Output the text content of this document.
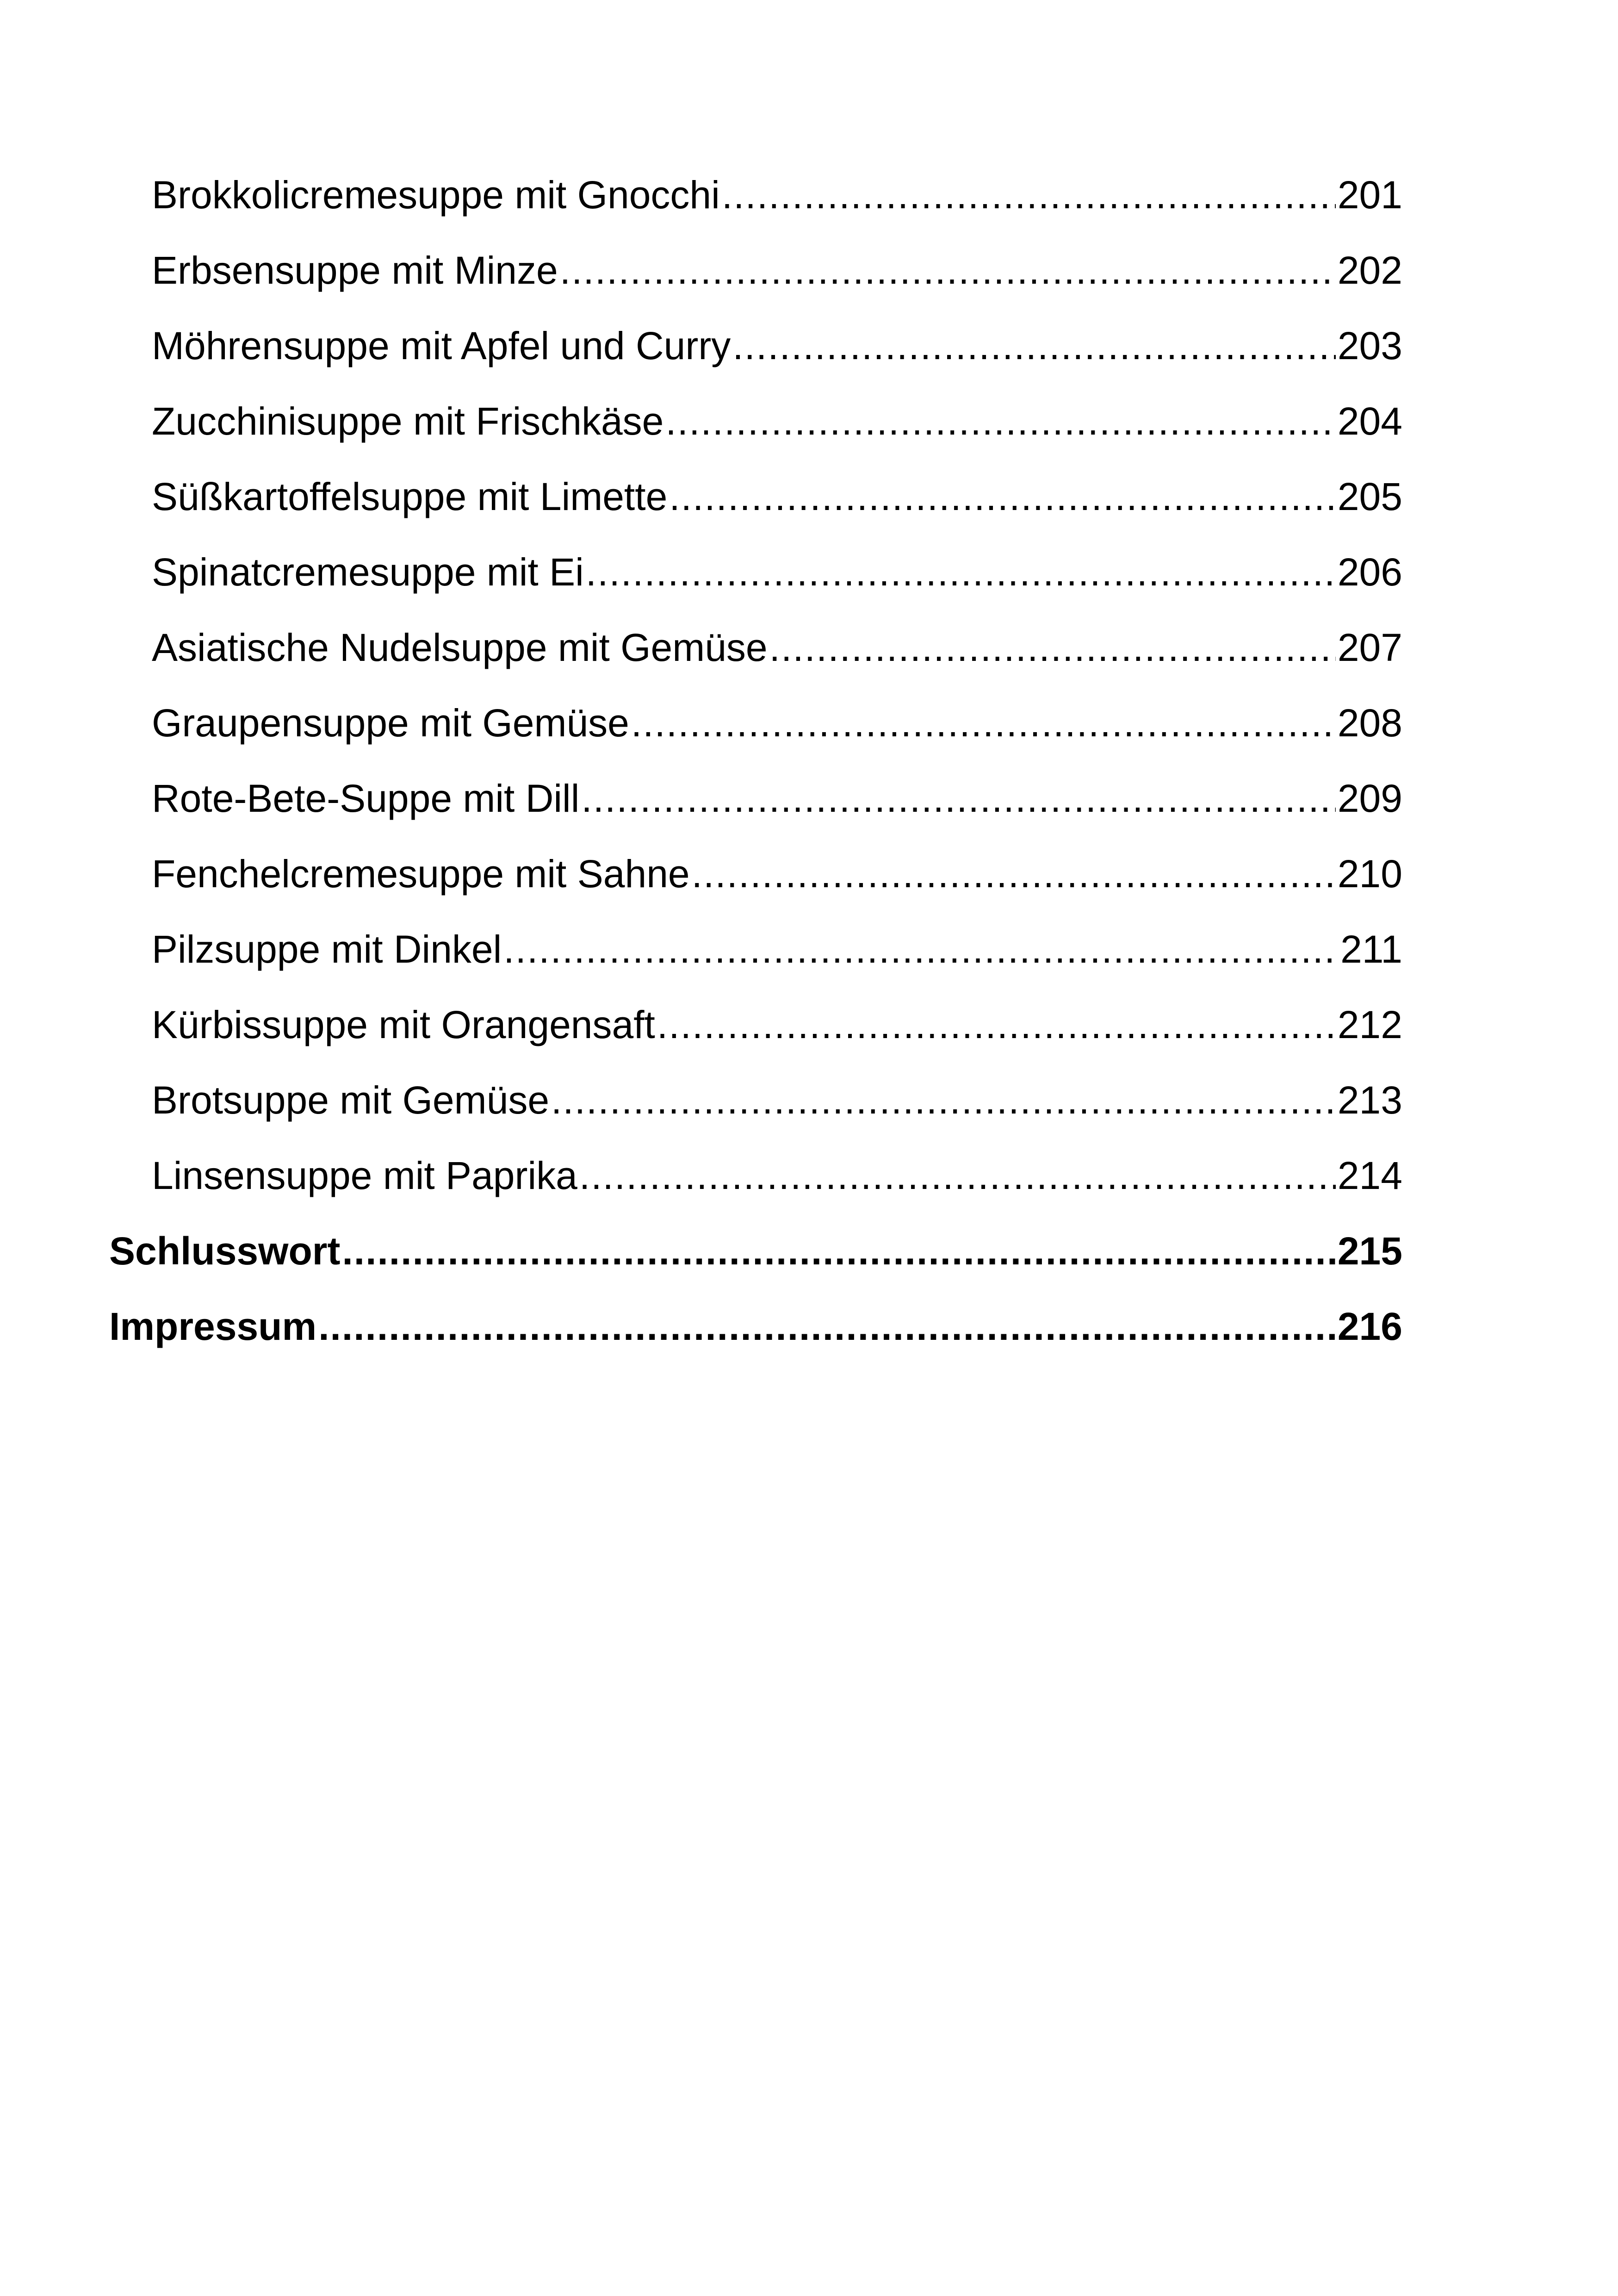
Brokkolicremesuppe mit Gnocchi .....	201
Erbsensuppe mit Minze .....	202
Möhrensuppe mit Apfel und Curry .....	203
Zucchinisuppe mit Frischkäse .....	204
Süßkartoffelsuppe mit Limette .....	205
Spinatcremesuppe mit Ei .....	206
Asiatische Nudelsuppe mit Gemüse .....	207
Graupensuppe mit Gemüse .....	208
Rote-Bete-Suppe mit Dill .....	209
Fenchelcremesuppe mit Sahne .....	210
Pilzsuppe mit Dinkel .....	211
Kürbissuppe mit Orangensaft .....	212
Brotsuppe mit Gemüse .....	213
Linsensuppe mit Paprika .....	214
Schlusswort .....	215
Impressum .....	216
